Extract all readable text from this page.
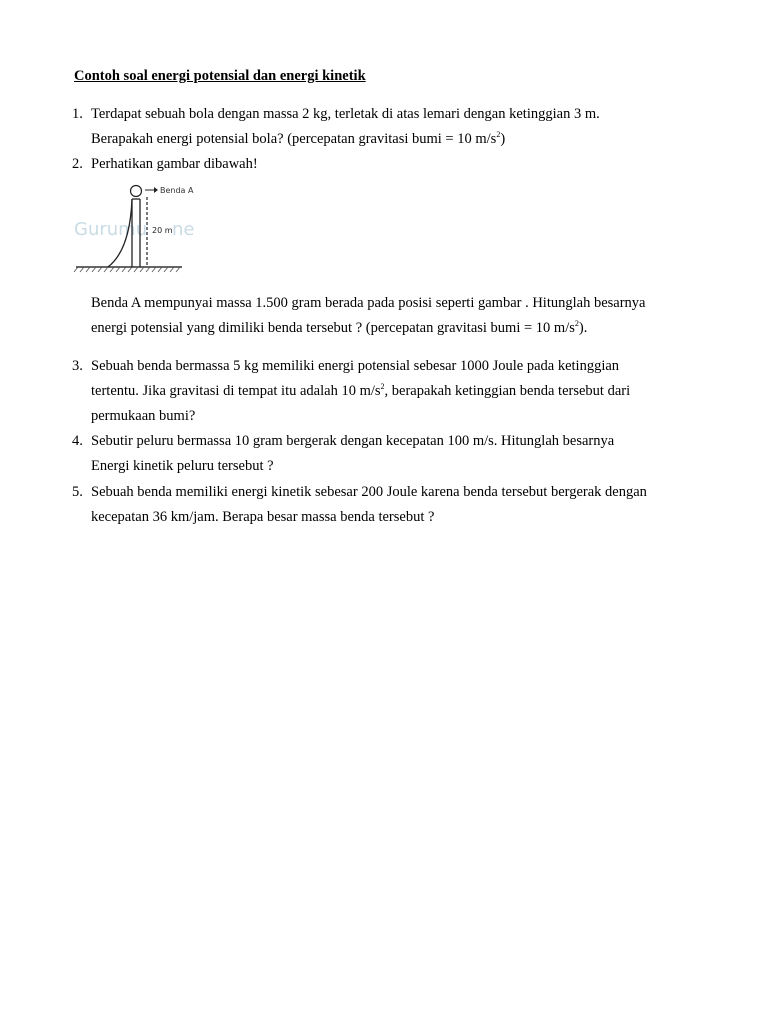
Contoh soal energi potensial dan energi kinetik
1. Terdapat sebuah bola dengan massa 2 kg, terletak di atas lemari dengan ketinggian 3 m.
Berapakah energi potensial bola? (percepatan gravitasi bumi = 10 $m/s^2$)
2. Perhatikan gambar dibawah!
Gurumu ne
Benda A
20 m
Benda A mempunyai massa 1.500 gram berada pada posisi seperti gambar . Hitunglah besarnya
energi potensial yang dimiliki benda tersebut ? (percepatan gravitasi bumi = 10 $m/s^2$).
3. Sebuah benda bermassa 5 kg memiliki energi potensial sebesar 1000 Joule pada ketinggian
tertentu. Jika gravitasi di tempat itu adalah 10 $m/s^2$, berapakah ketinggian benda tersebut dari
permukaan bumi?
4. Sebutir peluru bermassa 10 gram bergerak dengan kecepatan 100 m/s. Hitunglah besarnya
Energi kinetik peluru tersebut ?
5. Sebuah benda memiliki energi kinetik sebesar 200 Joule karena benda tersebut bergerak dengan
kecepatan 36 km/jam. Berapa besar massa benda tersebut ?
